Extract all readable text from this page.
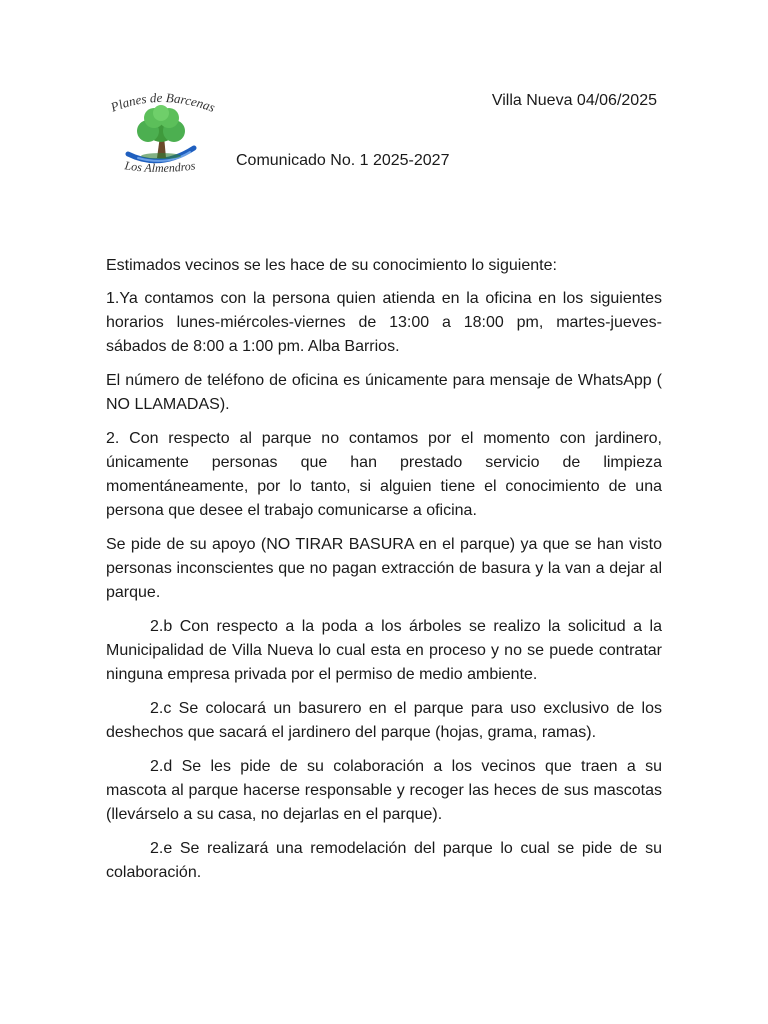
Planes de Barcenas
Los Almendros
Villa Nueva 04/06/2025
Comunicado No. 1 2025-2027

Estimados vecinos se les hace de su conocimiento lo siguiente:

1.Ya contamos con la persona quien atienda en la oficina en los siguientes horarios lunes-miércoles-viernes de 13:00 a 18:00 pm, martes-jueves-sábados de 8:00 a 1:00 pm. Alba Barrios.

El número de teléfono de oficina es únicamente para mensaje de WhatsApp ( NO LLAMADAS).

2. Con respecto al parque no contamos por el momento con jardinero, únicamente personas que han prestado servicio de limpieza momentáneamente, por lo tanto, si alguien tiene el conocimiento de una persona que desee el trabajo comunicarse a oficina.

Se pide de su apoyo (NO TIRAR BASURA en el parque) ya que se han visto personas inconscientes que no pagan extracción de basura y la van a dejar al parque.

2.b Con respecto a la poda a los árboles se realizo la solicitud a la Municipalidad de Villa Nueva lo cual esta en proceso y no se puede contratar ninguna empresa privada por el permiso de medio ambiente.

2.c Se colocará un basurero en el parque para uso exclusivo de los deshechos que sacará el jardinero del parque (hojas, grama, ramas).

2.d Se les pide de su colaboración a los vecinos que traen a su mascota al parque hacerse responsable y recoger las heces de sus mascotas (llevárselo a su casa, no dejarlas en el parque).

2.e Se realizará una remodelación del parque lo cual se pide de su colaboración.
